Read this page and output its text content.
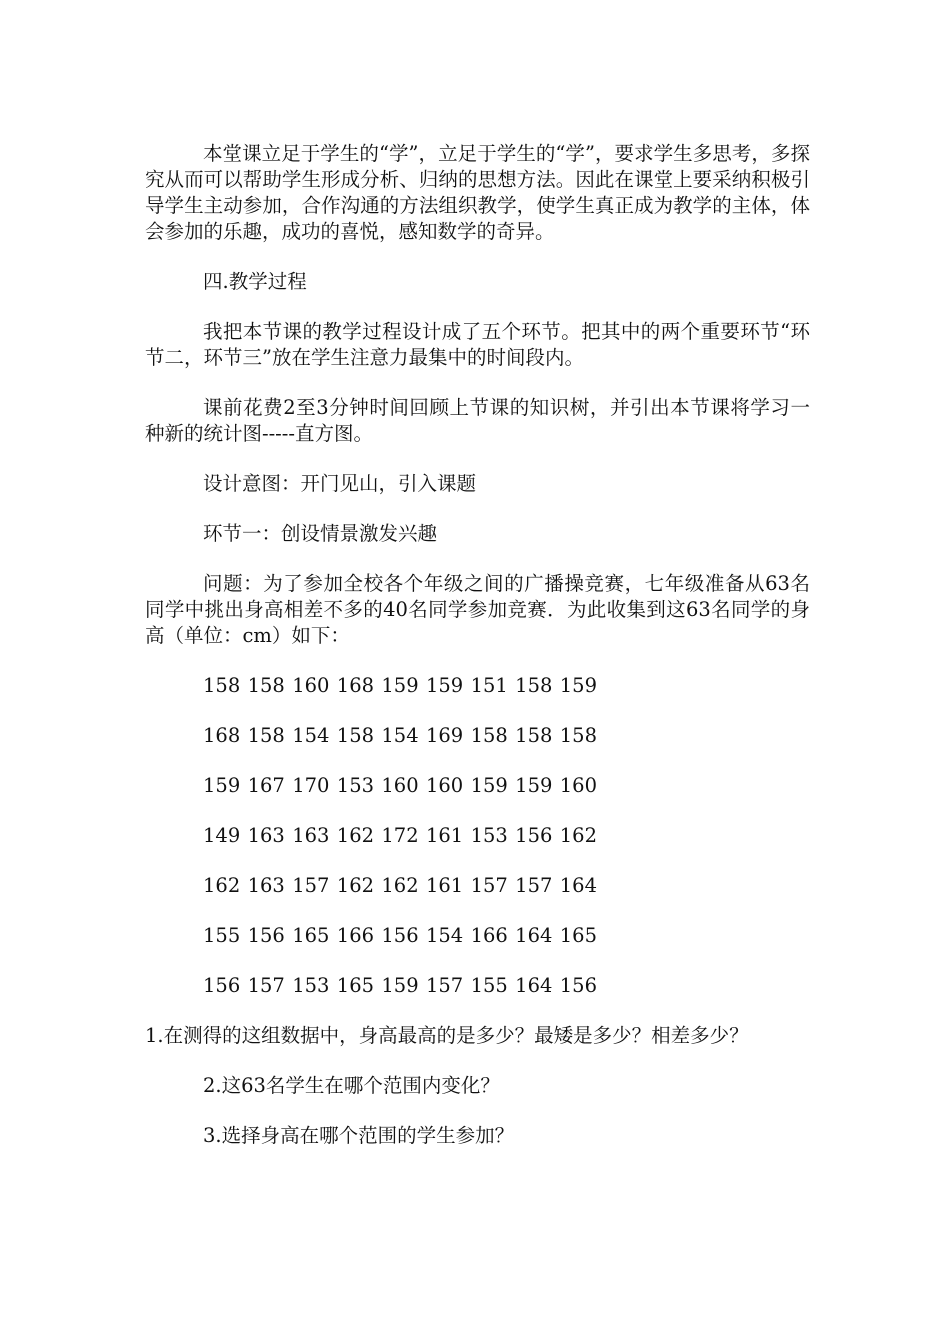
本堂课立足于学生的“学”，立足于学生的“学”，要求学生多思考，多探究从而可以帮助学生形成分析、归纳的思想方法。因此在课堂上要采纳积极引导学生主动参加，合作沟通的方法组织教学，使学生真正成为教学的主体，体会参加的乐趣，成功的喜悦，感知数学的奇异。

四.教学过程

我把本节课的教学过程设计成了五个环节。把其中的两个重要环节“环节二，环节三”放在学生注意力最集中的时间段内。

课前花费2至3分钟时间回顾上节课的知识树，并引出本节课将学习一种新的统计图-----直方图。

设计意图：开门见山，引入课题

环节一：创设情景激发兴趣

问题：为了参加全校各个年级之间的广播操竞赛，七年级准备从63名同学中挑出身高相差不多的40名同学参加竞赛．为此收集到这63名同学的身高（单位：cm）如下：

158 158 160 168 159 159 151 158 159
168 158 154 158 154 169 158 158 158
159 167 170 153 160 160 159 159 160
149 163 163 162 172 161 153 156 162
162 163 157 162 162 161 157 157 164
155 156 165 166 156 154 166 164 165
156 157 153 165 159 157 155 164 156

1.在测得的这组数据中，身高最高的是多少？最矮是多少？相差多少？

2.这63名学生在哪个范围内变化？

3.选择身高在哪个范围的学生参加？
